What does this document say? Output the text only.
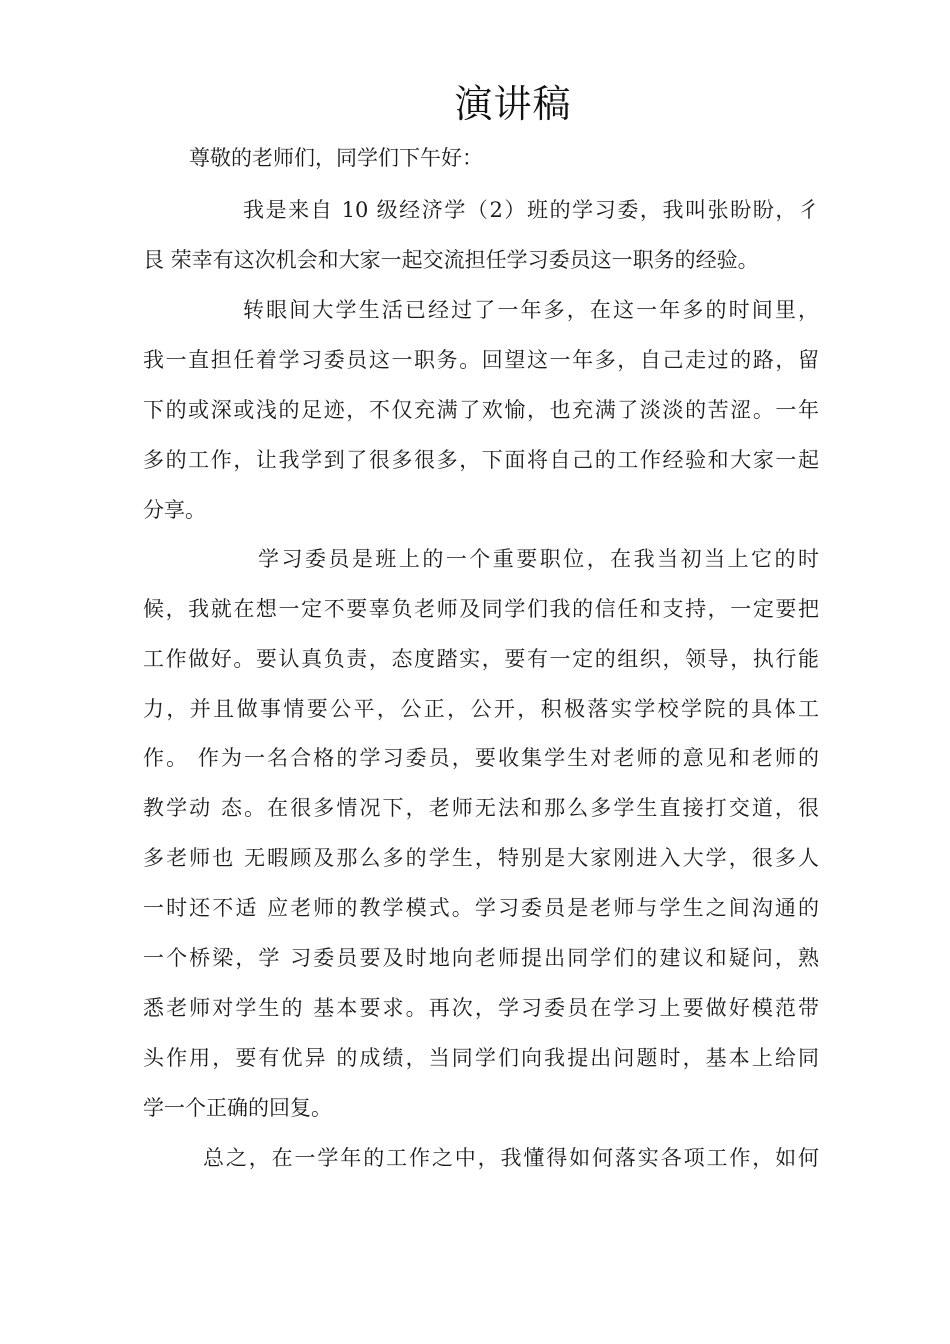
演讲稿
尊敬的老师们，同学们下午好：
我是来自 10 级经济学（2）班的学习委，我叫张盼盼，彳
艮 荣幸有这次机会和大家一起交流担任学习委员这一职务的经验。
转眼间大学生活已经过了一年多，在这一年多的时间里，
我一直担任着学习委员这一职务。回望这一年多，自己走过的路，留
下的或深或浅的足迹，不仅充满了欢愉，也充满了淡淡的苦涩。一年
多的工作，让我学到了很多很多，下面将自己的工作经验和大家一起
分享。
学习委员是班上的一个重要职位，在我当初当上它的时
候，我就在想一定不要辜负老师及同学们我的信任和支持，一定要把
工作做好。要认真负责，态度踏实，要有一定的组织，领导，执行能
力，并且做事情要公平，公正，公开，积极落实学校学院的具体工
作。 作为一名合格的学习委员，要收集学生对老师的意见和老师的
教学动 态。在很多情况下，老师无法和那么多学生直接打交道，很
多老师也 无暇顾及那么多的学生，特别是大家刚进入大学，很多人
一时还不适 应老师的教学模式。学习委员是老师与学生之间沟通的
一个桥梁，学 习委员要及时地向老师提出同学们的建议和疑问，熟
悉老师对学生的 基本要求。再次，学习委员在学习上要做好模范带
头作用，要有优异 的成绩，当同学们向我提出问题时，基本上给同
学一个正确的回复。
总之，在一学年的工作之中，我懂得如何落实各项工作，如何
